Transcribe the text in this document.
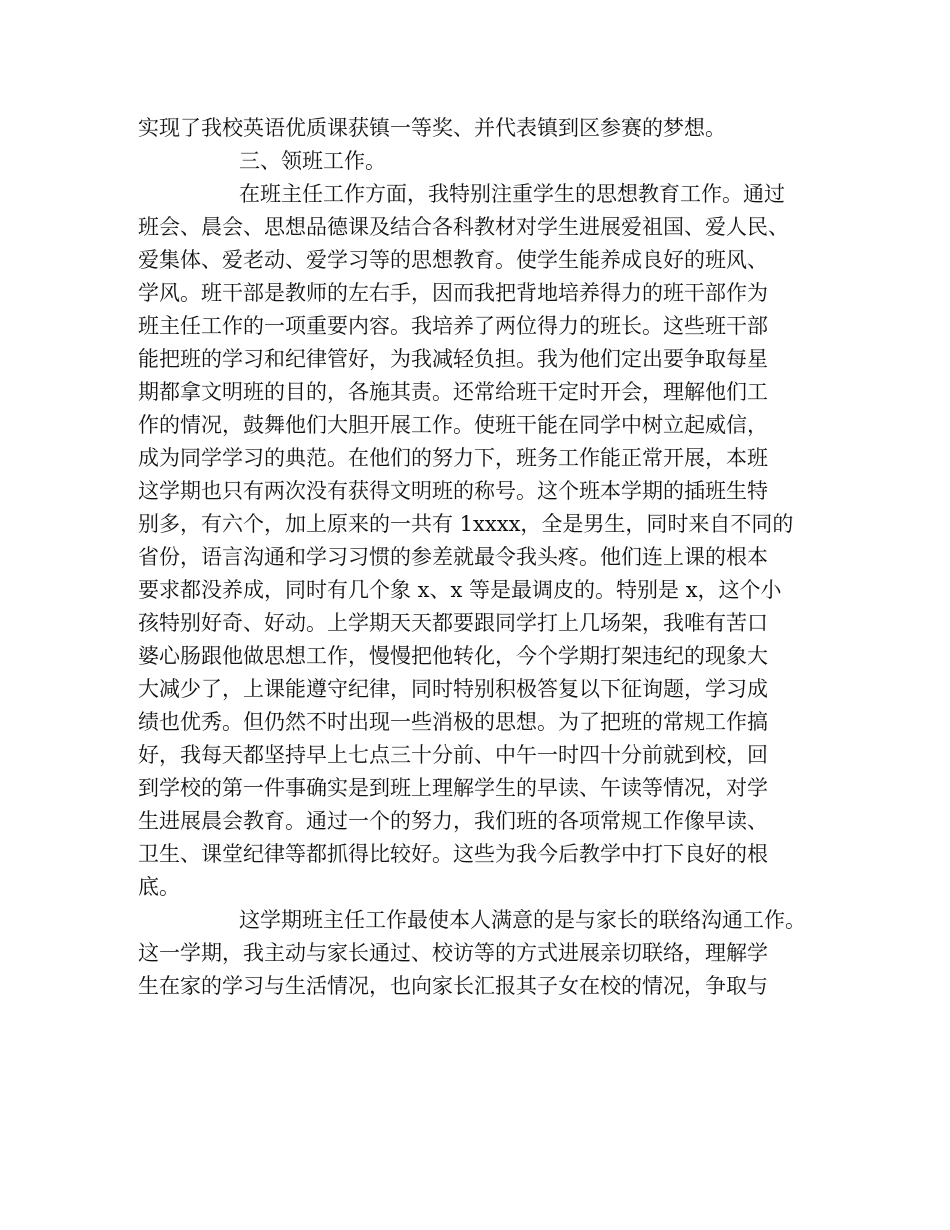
实现了我校英语优质课获镇一等奖、并代表镇到区参赛的梦想。
三、领班工作。
在班主任工作方面，我特别注重学生的思想教育工作。通过
班会、晨会、思想品德课及结合各科教材对学生进展爱祖国、爱人民、
爱集体、爱老动、爱学习等的思想教育。使学生能养成良好的班风、
学风。班干部是教师的左右手，因而我把背地培养得力的班干部作为
班主任工作的一项重要内容。我培养了两位得力的班长。这些班干部
能把班的学习和纪律管好，为我减轻负担。我为他们定出要争取每星
期都拿文明班的目的，各施其责。还常给班干定时开会，理解他们工
作的情况，鼓舞他们大胆开展工作。使班干能在同学中树立起威信，
成为同学学习的典范。在他们的努力下，班务工作能正常开展，本班
这学期也只有两次没有获得文明班的称号。这个班本学期的插班生特
别多，有六个，加上原来的一共有 1xxxx，全是男生，同时来自不同的
省份，语言沟通和学习习惯的参差就最令我头疼。他们连上课的根本
要求都没养成，同时有几个象 x、x 等是最调皮的。特别是 x，这个小
孩特别好奇、好动。上学期天天都要跟同学打上几场架，我唯有苦口
婆心肠跟他做思想工作，慢慢把他转化，今个学期打架违纪的现象大
大减少了，上课能遵守纪律，同时特别积极答复以下征询题，学习成
绩也优秀。但仍然不时出现一些消极的思想。为了把班的常规工作搞
好，我每天都坚持早上七点三十分前、中午一时四十分前就到校，回
到学校的第一件事确实是到班上理解学生的早读、午读等情况，对学
生进展晨会教育。通过一个的努力，我们班的各项常规工作像早读、
卫生、课堂纪律等都抓得比较好。这些为我今后教学中打下良好的根
底。
这学期班主任工作最使本人满意的是与家长的联络沟通工作。
这一学期，我主动与家长通过、校访等的方式进展亲切联络，理解学
生在家的学习与生活情况，也向家长汇报其子女在校的情况，争取与
